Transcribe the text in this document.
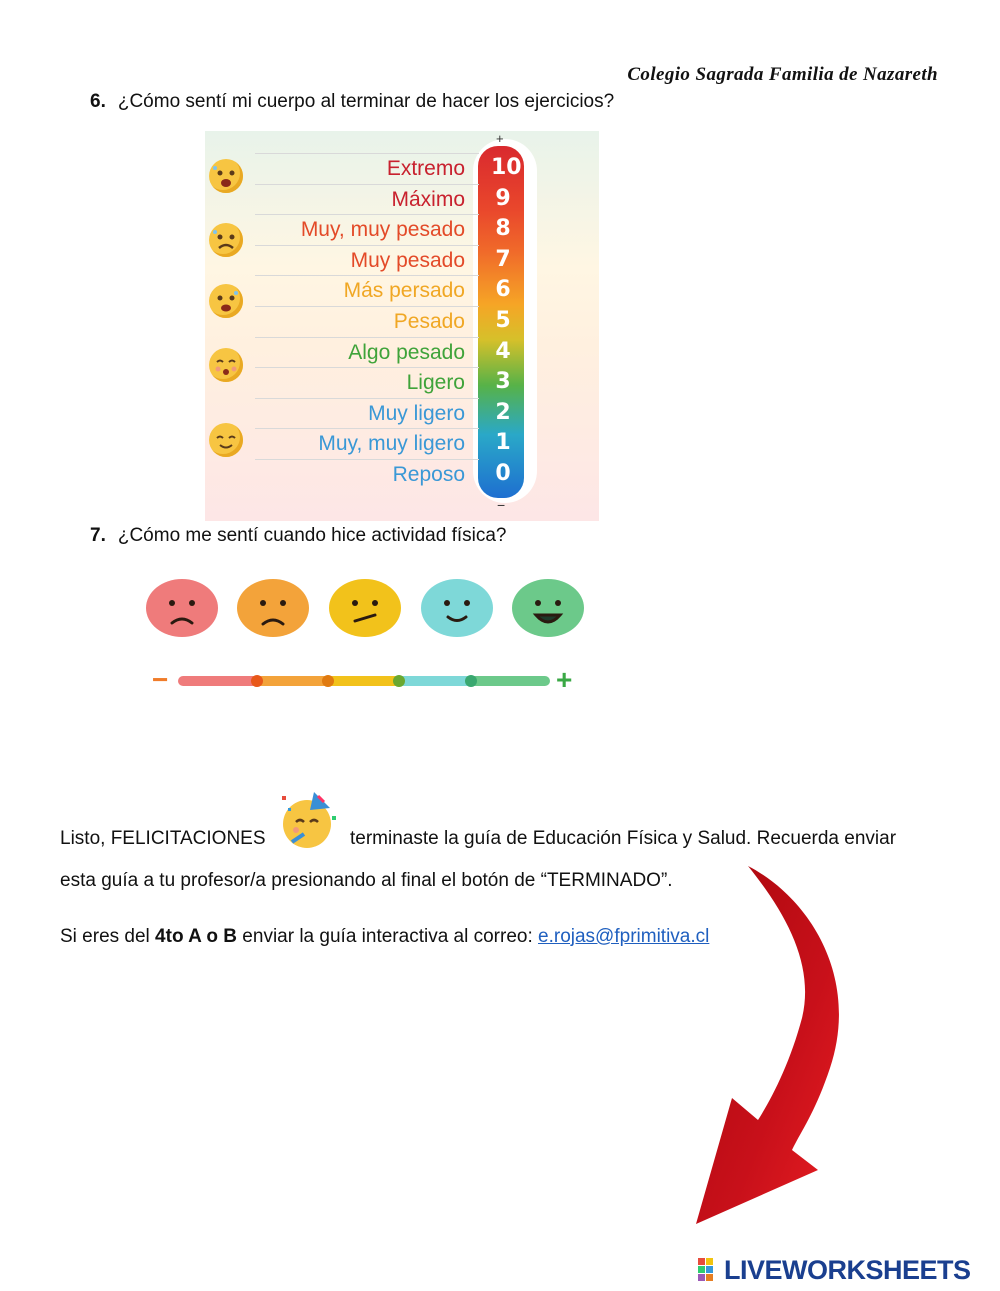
Colegio Sagrada Familia de Nazareth
6. ¿Cómo sentí mi cuerpo al terminar de hacer los ejercicios?
+
−
Extremo 10
Máximo 9
Muy, muy pesado 8
Muy pesado 7
Más persado 6
Pesado 5
Algo pesado 4
Ligero 3
Muy ligero 2
Muy, muy ligero 1
Reposo 0
7. ¿Cómo me sentí cuando hice actividad física?
−	+
Listo, FELICITACIONES	terminaste la guía de Educación Física y Salud. Recuerda enviar
esta guía a tu profesor/a presionando al final el botón de “TERMINADO”.
Si eres del 4to A o B enviar la guía interactiva al correo: e.rojas@fprimitiva.cl
LIVEWORKSHEETS
